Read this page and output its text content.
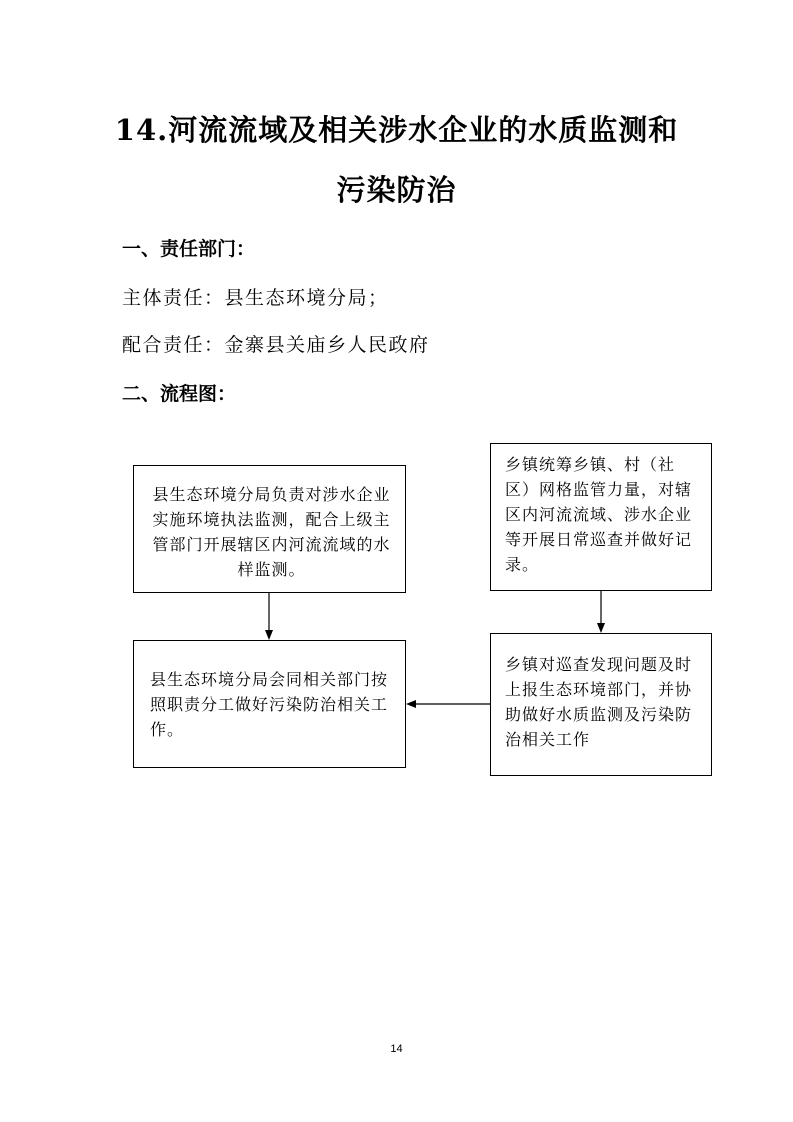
14.河流流域及相关涉水企业的水质监测和
污染防治
一、责任部门：
主体责任：县生态环境分局；
配合责任：金寨县关庙乡人民政府
二、流程图：
县生态环境分局负责对涉水企业实施环境执法监测，配合上级主管部门开展辖区内河流流域的水样监测。
乡镇统筹乡镇、村（社区）网格监管力量，对辖区内河流流域、涉水企业等开展日常巡查并做好记录。
县生态环境分局会同相关部门按照职责分工做好污染防治相关工作。
乡镇对巡查发现问题及时上报生态环境部门，并协助做好水质监测及污染防治相关工作
14
